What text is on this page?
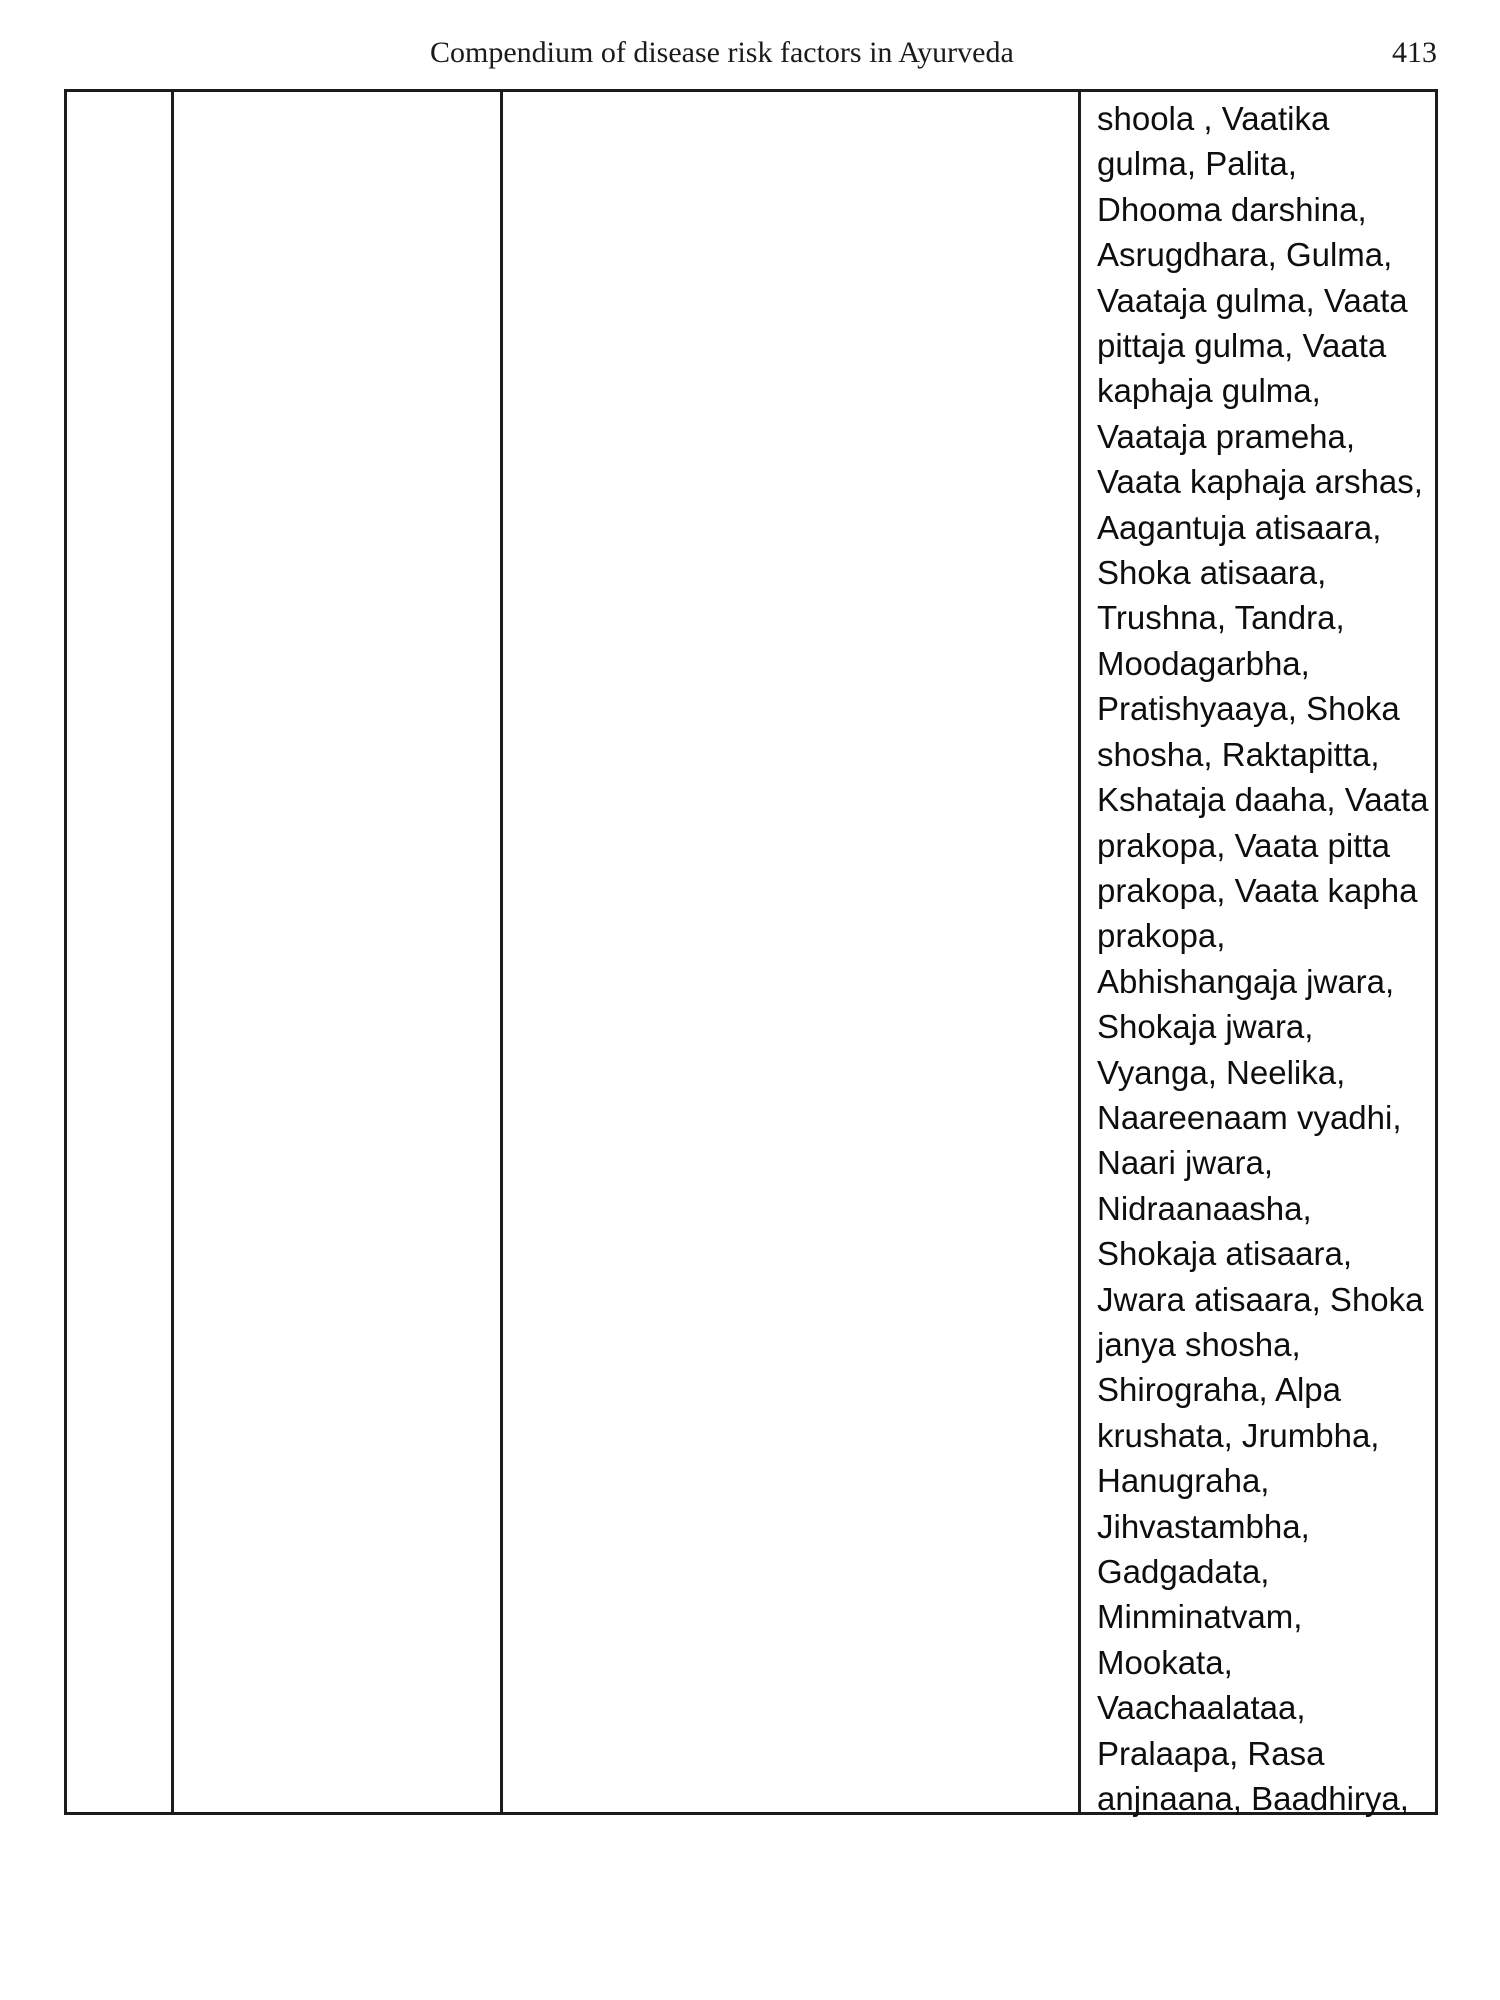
Compendium of disease risk factors in Ayurveda	413
shoola , Vaatika
gulma, Palita,
Dhooma darshina,
Asrugdhara, Gulma,
Vaataja gulma, Vaata
pittaja gulma, Vaata
kaphaja gulma,
Vaataja prameha,
Vaata kaphaja arshas,
Aagantuja atisaara,
Shoka atisaara,
Trushna, Tandra,
Moodagarbha,
Pratishyaaya, Shoka
shosha, Raktapitta,
Kshataja daaha, Vaata
prakopa, Vaata pitta
prakopa, Vaata kapha
prakopa,
Abhishangaja jwara,
Shokaja jwara,
Vyanga, Neelika,
Naareenaam vyadhi,
Naari jwara,
Nidraanaasha,
Shokaja atisaara,
Jwara atisaara, Shoka
janya shosha,
Shirograha, Alpa
krushata, Jrumbha,
Hanugraha,
Jihvastambha,
Gadgadata,
Minminatvam,
Mookata,
Vaachaalataa,
Pralaapa, Rasa
anjnaana, Baadhirya,
